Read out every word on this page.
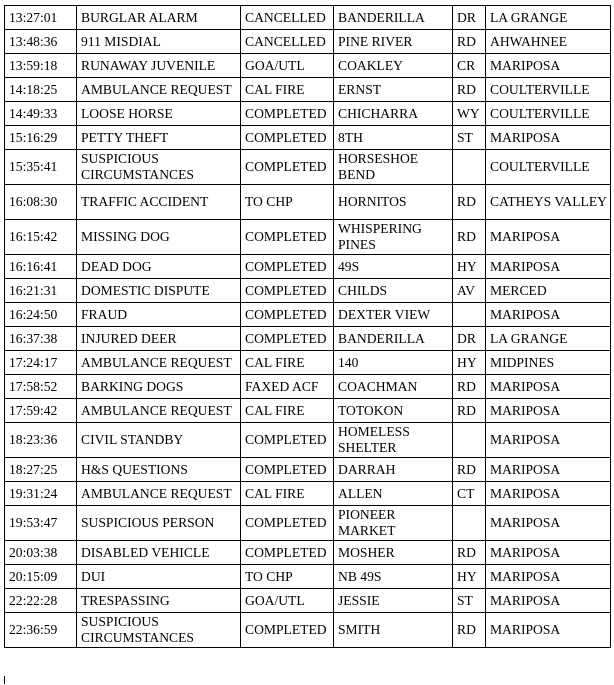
13:27:01	BURGLAR ALARM	CANCELLED	BANDERILLA	DR	LA GRANGE
13:48:36	911 MISDIAL	CANCELLED	PINE RIVER	RD	AHWAHNEE
13:59:18	RUNAWAY JUVENILE	GOA/UTL	COAKLEY	CR	MARIPOSA
14:18:25	AMBULANCE REQUEST	CAL FIRE	ERNST	RD	COULTERVILLE
14:49:33	LOOSE HORSE	COMPLETED	CHICHARRA	WY	COULTERVILLE
15:16:29	PETTY THEFT	COMPLETED	8TH	ST	MARIPOSA
15:35:41	SUSPICIOUS CIRCUMSTANCES	COMPLETED	HORSESHOE BEND		COULTERVILLE
16:08:30	TRAFFIC ACCIDENT	TO CHP	HORNITOS	RD	CATHEYS VALLEY
16:15:42	MISSING DOG	COMPLETED	WHISPERING PINES	RD	MARIPOSA
16:16:41	DEAD DOG	COMPLETED	49S	HY	MARIPOSA
16:21:31	DOMESTIC DISPUTE	COMPLETED	CHILDS	AV	MERCED
16:24:50	FRAUD	COMPLETED	DEXTER VIEW		MARIPOSA
16:37:38	INJURED DEER	COMPLETED	BANDERILLA	DR	LA GRANGE
17:24:17	AMBULANCE REQUEST	CAL FIRE	140	HY	MIDPINES
17:58:52	BARKING DOGS	FAXED ACF	COACHMAN	RD	MARIPOSA
17:59:42	AMBULANCE REQUEST	CAL FIRE	TOTOKON	RD	MARIPOSA
18:23:36	CIVIL STANDBY	COMPLETED	HOMELESS SHELTER		MARIPOSA
18:27:25	H&S QUESTIONS	COMPLETED	DARRAH	RD	MARIPOSA
19:31:24	AMBULANCE REQUEST	CAL FIRE	ALLEN	CT	MARIPOSA
19:53:47	SUSPICIOUS PERSON	COMPLETED	PIONEER MARKET		MARIPOSA
20:03:38	DISABLED VEHICLE	COMPLETED	MOSHER	RD	MARIPOSA
20:15:09	DUI	TO CHP	NB 49S	HY	MARIPOSA
22:22:28	TRESPASSING	GOA/UTL	JESSIE	ST	MARIPOSA
22:36:59	SUSPICIOUS CIRCUMSTANCES	COMPLETED	SMITH	RD	MARIPOSA
